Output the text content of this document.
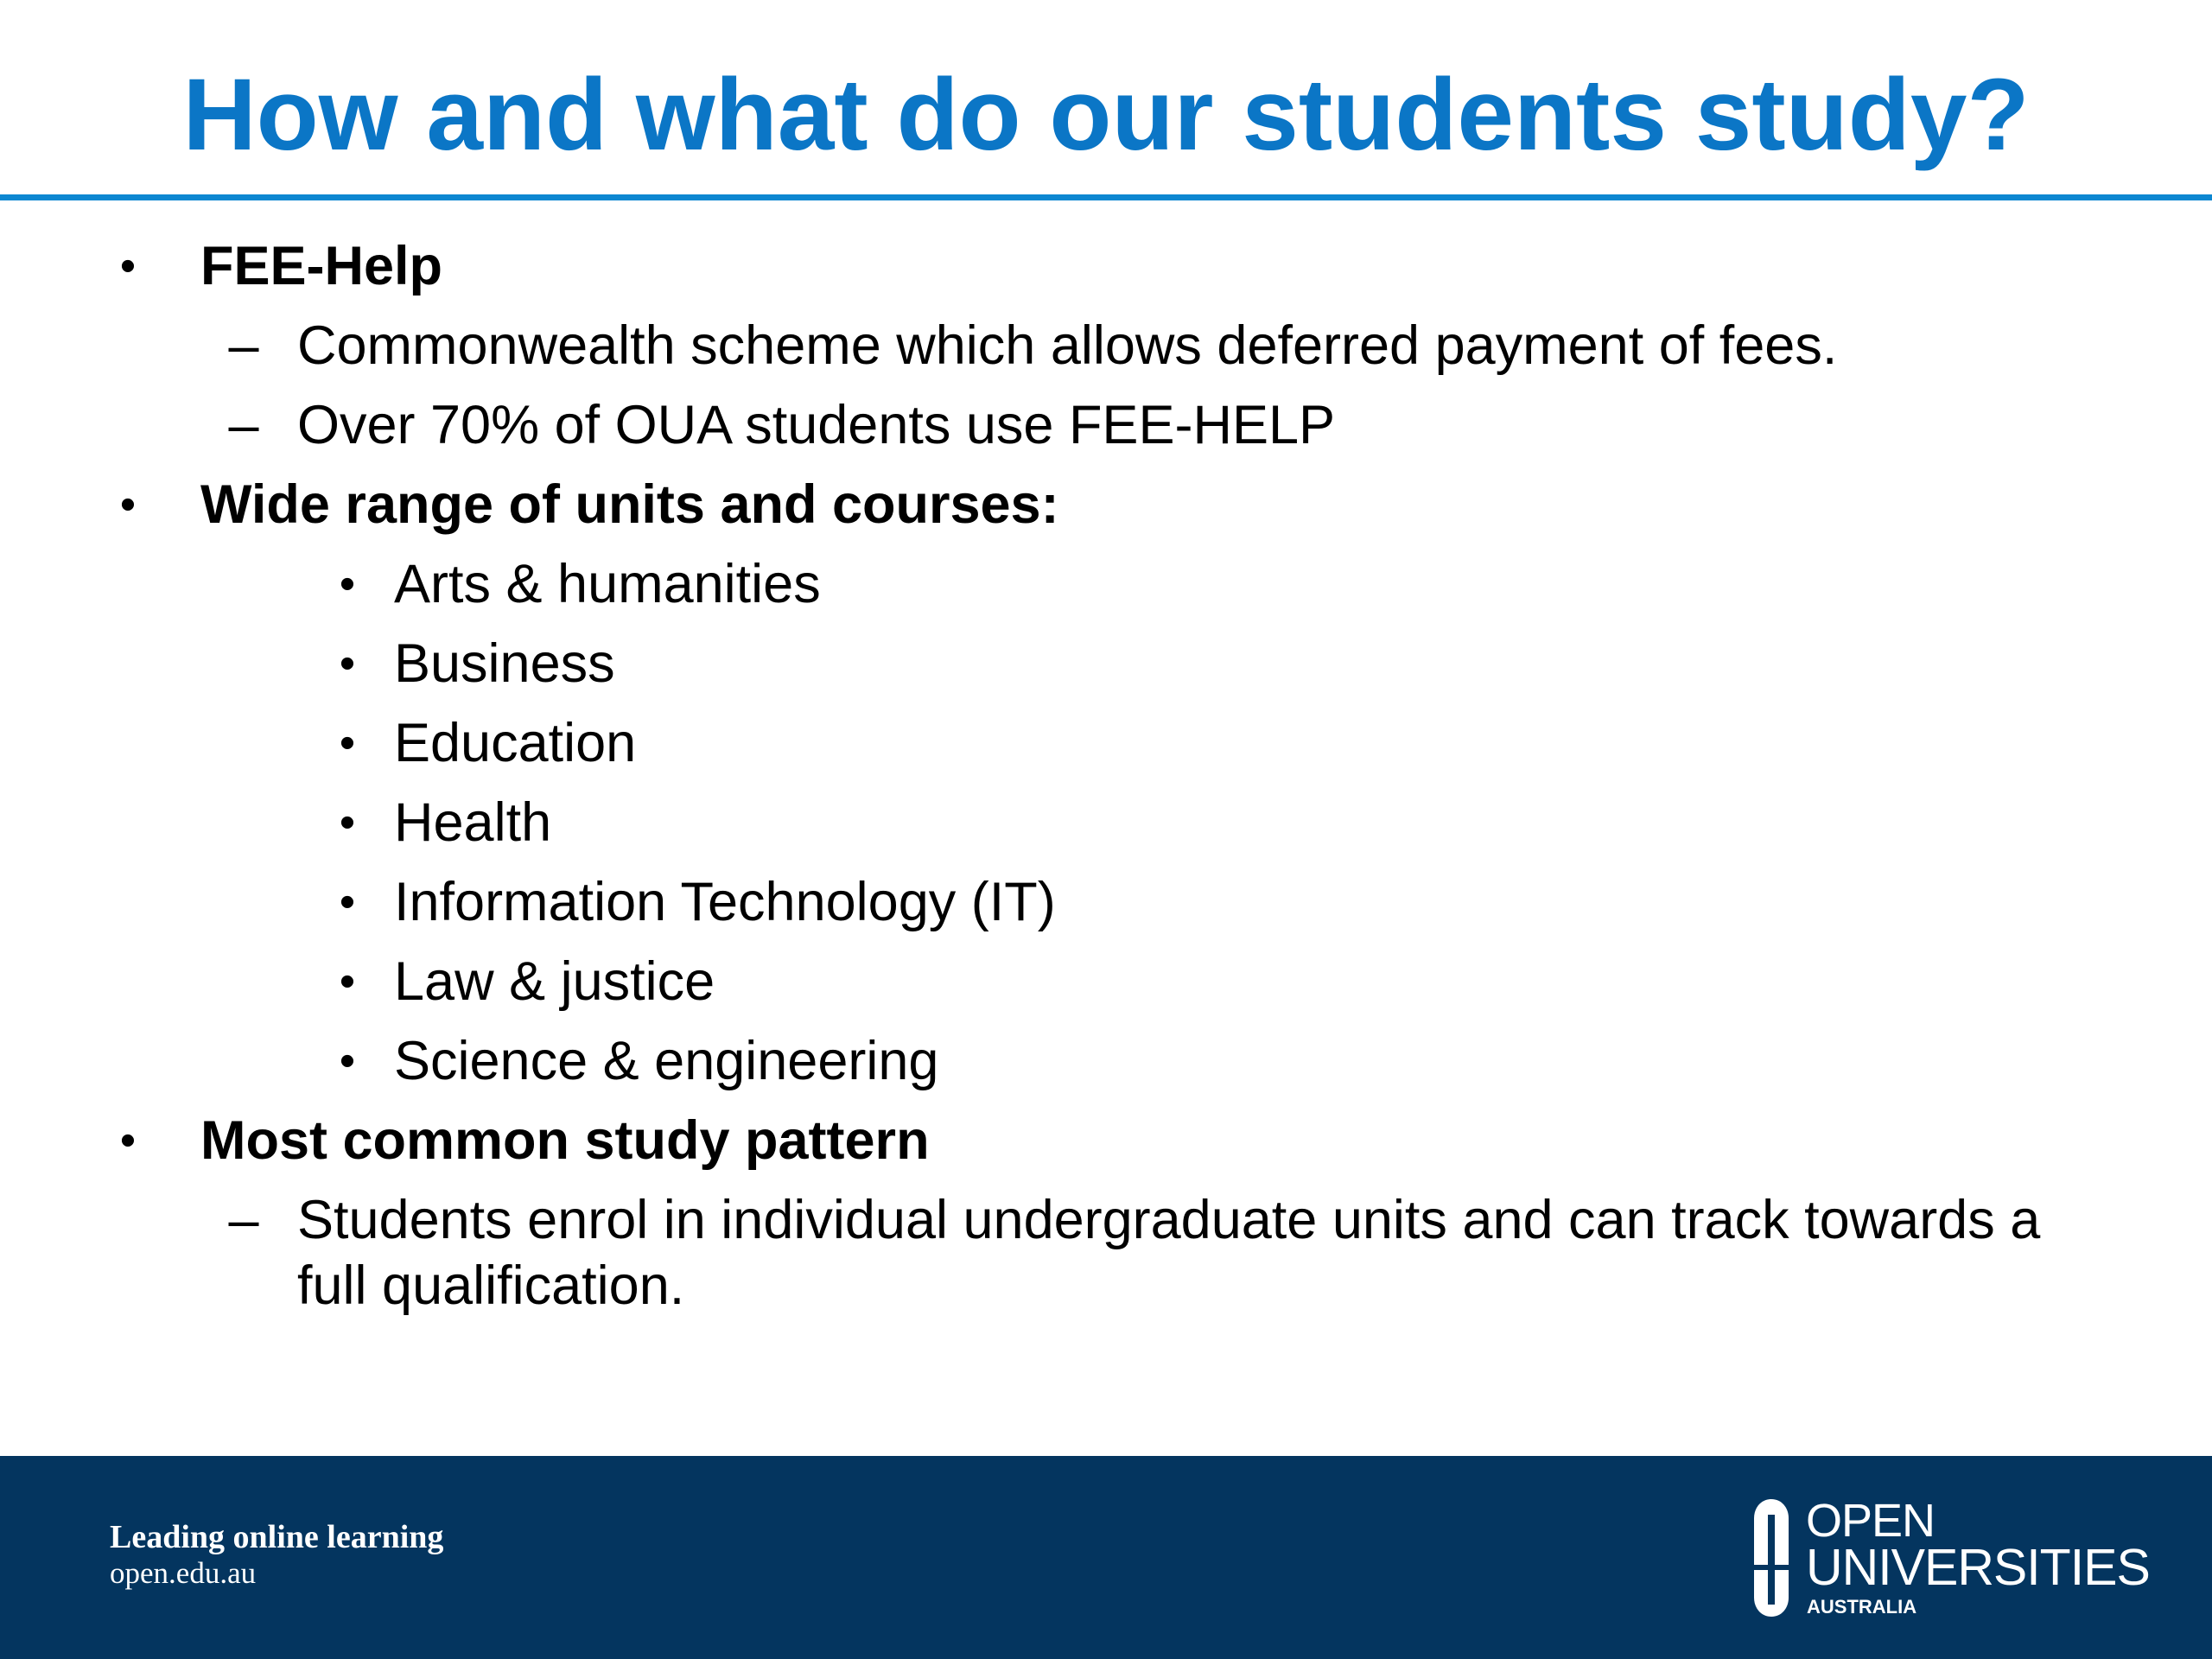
How and what do our students study?
•	FEE-Help
– Commonwealth scheme which allows deferred payment of fees.
– Over 70% of OUA students use FEE-HELP
•	Wide range of units and courses:
• Arts & humanities
• Business
• Education
• Health
• Information Technology (IT)
• Law & justice
• Science & engineering
•	Most common study pattern
– Students enrol in individual undergraduate units and can track towards a full qualification.
Leading online learning
open.edu.au
OPEN
UNIVERSITIES
AUSTRALIA
